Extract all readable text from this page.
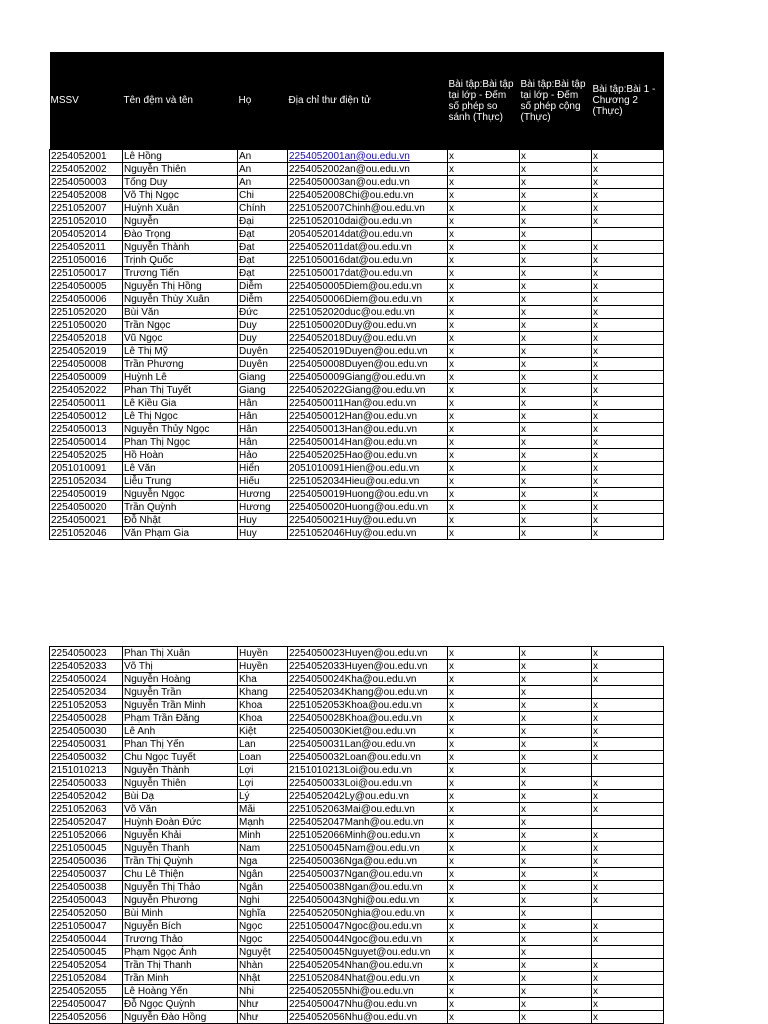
MSSV	Tên đệm và tên	Họ	Địa chỉ thư điện tử	Bài tập:Bài tập tại lớp - Đếm số phép so sánh (Thực)	Bài tập:Bài tập tại lớp - Đếm số phép cộng (Thực)	Bài tập:Bài 1 - Chương 2 (Thực)
2254052001	Lê Hồng	An	2254052001an@ou.edu.vn	x	x	x
2254052002	Nguyễn Thiên	An	2254052002an@ou.edu.vn	x	x	x
2254050003	Tống Duy	An	2254050003an@ou.edu.vn	x	x	x
2254052008	Võ Thị Ngọc	Chi	2254052008Chi@ou.edu.vn	x	x	x
2251052007	Huỳnh Xuân	Chính	2251052007Chinh@ou.edu.vn	x	x	x
2251052010	Nguyễn	Đại	2251052010dai@ou.edu.vn	x	x	x
2054052014	Đào Trọng	Đạt	2054052014dat@ou.edu.vn	x	x	
2254052011	Nguyễn Thành	Đạt	2254052011dat@ou.edu.vn	x	x	x
2251050016	Trịnh Quốc	Đạt	2251050016dat@ou.edu.vn	x	x	x
2251050017	Trương Tiến	Đạt	2251050017dat@ou.edu.vn	x	x	x
2254050005	Nguyễn Thị Hồng	Diễm	2254050005Diem@ou.edu.vn	x	x	x
2254050006	Nguyễn Thùy Xuân	Diễm	2254050006Diem@ou.edu.vn	x	x	x
2251052020	Bùi Văn	Đức	2251052020duc@ou.edu.vn	x	x	x
2251050020	Trần Ngọc	Duy	2251050020Duy@ou.edu.vn	x	x	x
2254052018	Vũ Ngọc	Duy	2254052018Duy@ou.edu.vn	x	x	x
2254052019	Lê Thị Mỹ	Duyên	2254052019Duyen@ou.edu.vn	x	x	x
2254050008	Trần Phương	Duyên	2254050008Duyen@ou.edu.vn	x	x	x
2254050009	Huỳnh Lê	Giang	2254050009Giang@ou.edu.vn	x	x	x
2254052022	Phan Thị Tuyết	Giang	2254052022Giang@ou.edu.vn	x	x	x
2254050011	Lê Kiều Gia	Hân	2254050011Han@ou.edu.vn	x	x	x
2254050012	Lê Thị Ngọc	Hân	2254050012Han@ou.edu.vn	x	x	x
2254050013	Nguyễn Thủy Ngọc	Hân	2254050013Han@ou.edu.vn	x	x	x
2254050014	Phan Thị Ngọc	Hân	2254050014Han@ou.edu.vn	x	x	x
2254052025	Hồ Hoàn	Hảo	2254052025Hao@ou.edu.vn	x	x	x
2051010091	Lê Văn	Hiển	2051010091Hien@ou.edu.vn	x	x	x
2251052034	Liễu Trung	Hiếu	2251052034Hieu@ou.edu.vn	x	x	x
2254050019	Nguyễn Ngọc	Hương	2254050019Huong@ou.edu.vn	x	x	x
2254050020	Trần Quỳnh	Hương	2254050020Huong@ou.edu.vn	x	x	x
2254050021	Đỗ Nhật	Huy	2254050021Huy@ou.edu.vn	x	x	x
2251052046	Văn Phạm Gia	Huy	2251052046Huy@ou.edu.vn	x	x	x
2254050023	Phan Thị Xuân	Huyền	2254050023Huyen@ou.edu.vn	x	x	x
2254052033	Võ Thị	Huyền	2254052033Huyen@ou.edu.vn	x	x	x
2254050024	Nguyễn Hoàng	Kha	2254050024Kha@ou.edu.vn	x	x	x
2254052034	Nguyễn Trần	Khang	2254052034Khang@ou.edu.vn	x	x	
2251052053	Nguyễn Trần Minh	Khoa	2251052053Khoa@ou.edu.vn	x	x	x
2254050028	Phạm Trần Đăng	Khoa	2254050028Khoa@ou.edu.vn	x	x	x
2254050030	Lê Anh	Kiệt	2254050030Kiet@ou.edu.vn	x	x	x
2254050031	Phan Thị Yến	Lan	2254050031Lan@ou.edu.vn	x	x	x
2254050032	Chu Ngọc Tuyết	Loan	2254050032Loan@ou.edu.vn	x	x	x
2151010213	Nguyễn Thành	Lợi	2151010213Loi@ou.edu.vn	x	x	
2254050033	Nguyễn Thiên	Lợi	2254050033Loi@ou.edu.vn	x	x	x
2254052042	Bùi Dạ	Lý	2254052042Ly@ou.edu.vn	x	x	x
2251052063	Võ Văn	Mãi	2251052063Mai@ou.edu.vn	x	x	x
2254052047	Huỳnh Đoàn Đức	Mạnh	2254052047Manh@ou.edu.vn	x	x	
2251052066	Nguyễn Khải	Minh	2251052066Minh@ou.edu.vn	x	x	x
2251050045	Nguyễn Thanh	Nam	2251050045Nam@ou.edu.vn	x	x	x
2254050036	Trần Thị Quỳnh	Nga	2254050036Nga@ou.edu.vn	x	x	x
2254050037	Chu Lê Thiện	Ngân	2254050037Ngan@ou.edu.vn	x	x	x
2254050038	Nguyễn Thị Thảo	Ngân	2254050038Ngan@ou.edu.vn	x	x	x
2254050043	Nguyễn Phương	Nghi	2254050043Nghi@ou.edu.vn	x	x	x
2254052050	Bùi Minh	Nghĩa	2254052050Nghia@ou.edu.vn	x	x	
2251050047	Nguyễn Bích	Ngọc	2251050047Ngoc@ou.edu.vn	x	x	x
2254050044	Trương Thảo	Ngọc	2254050044Ngoc@ou.edu.vn	x	x	x
2254050045	Phạm Ngọc Ánh	Nguyệt	2254050045Nguyet@ou.edu.vn	x	x	
2254052054	Trần Thị Thanh	Nhàn	2254052054Nhan@ou.edu.vn	x	x	x
2251052084	Trần Minh	Nhật	2251052084Nhat@ou.edu.vn	x	x	x
2254052055	Lê Hoàng Yến	Nhi	2254052055Nhi@ou.edu.vn	x	x	x
2254050047	Đỗ Ngọc Quỳnh	Như	2254050047Nhu@ou.edu.vn	x	x	x
2254052056	Nguyễn Đào Hồng	Như	2254052056Nhu@ou.edu.vn	x	x	x
